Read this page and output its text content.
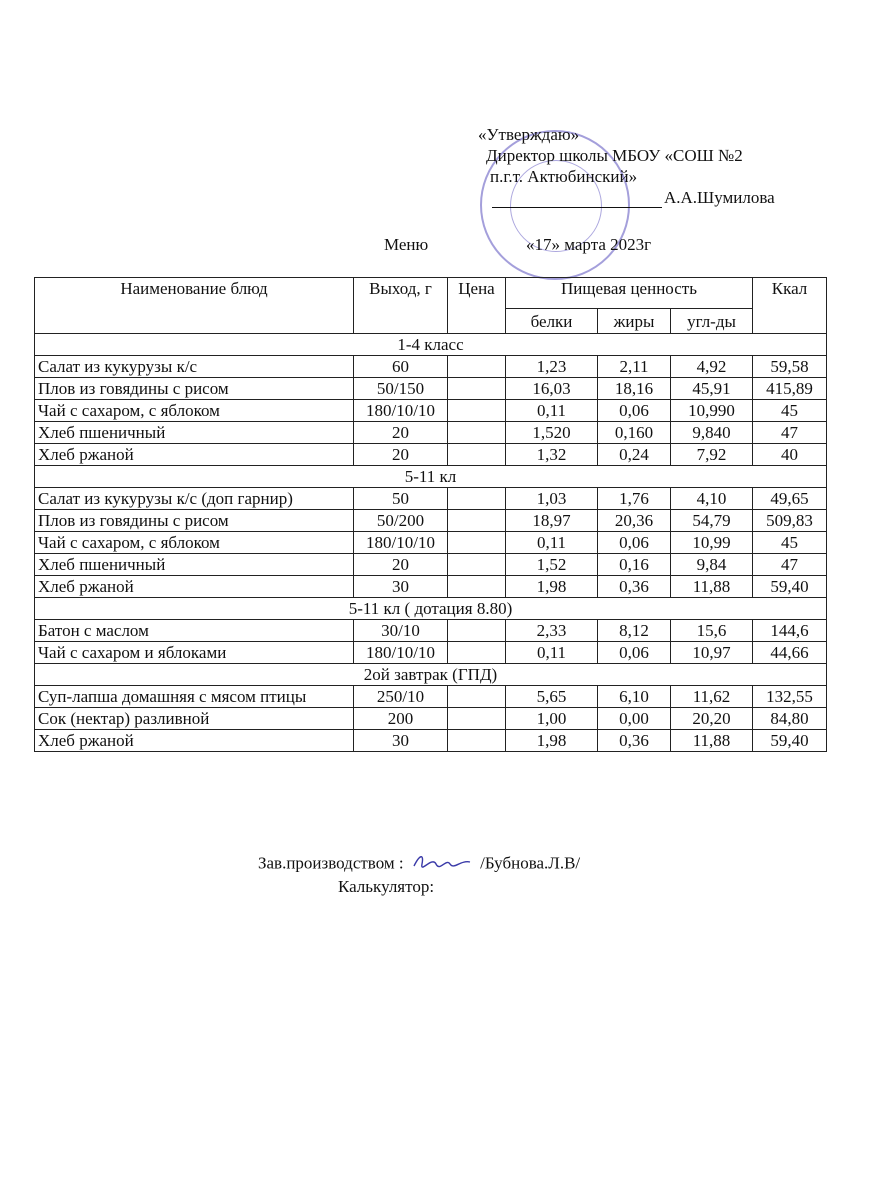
«Утверждаю»
Директор школы МБОУ «СОШ №2
п.г.т. Актюбинский»
А.А.Шумилова
Меню	«17» марта 2023г
Наименование блюд	Выход, г	Цена	Пищевая ценность			Ккал
			белки	жиры	угл-ды	
1-4 класс						
Салат из кукурузы к/с	60		1,23	2,11	4,92	59,58
Плов из говядины с рисом	50/150		16,03	18,16	45,91	415,89
Чай с сахаром, с яблоком	180/10/10		0,11	0,06	10,990	45
Хлеб пшеничный	20		1,520	0,160	9,840	47
Хлеб ржаной	20		1,32	0,24	7,92	40
5-11 кл						
Салат из кукурузы к/с (доп гарнир)	50		1,03	1,76	4,10	49,65
Плов из говядины с рисом	50/200		18,97	20,36	54,79	509,83
Чай с сахаром, с яблоком	180/10/10		0,11	0,06	10,99	45
Хлеб пшеничный	20		1,52	0,16	9,84	47
Хлеб ржаной	30		1,98	0,36	11,88	59,40
5-11 кл ( дотация 8.80)						
Батон с маслом	30/10		2,33	8,12	15,6	144,6
Чай с сахаром и яблоками	180/10/10		0,11	0,06	10,97	44,66
2ой завтрак (ГПД)						
Суп-лапша домашняя с мясом птицы	250/10		5,65	6,10	11,62	132,55
Сок (нектар) разливной	200		1,00	0,00	20,20	84,80
Хлеб ржаной	30		1,98	0,36	11,88	59,40
Зав.производством :	/Бубнова.Л.В/
Калькулятор:
